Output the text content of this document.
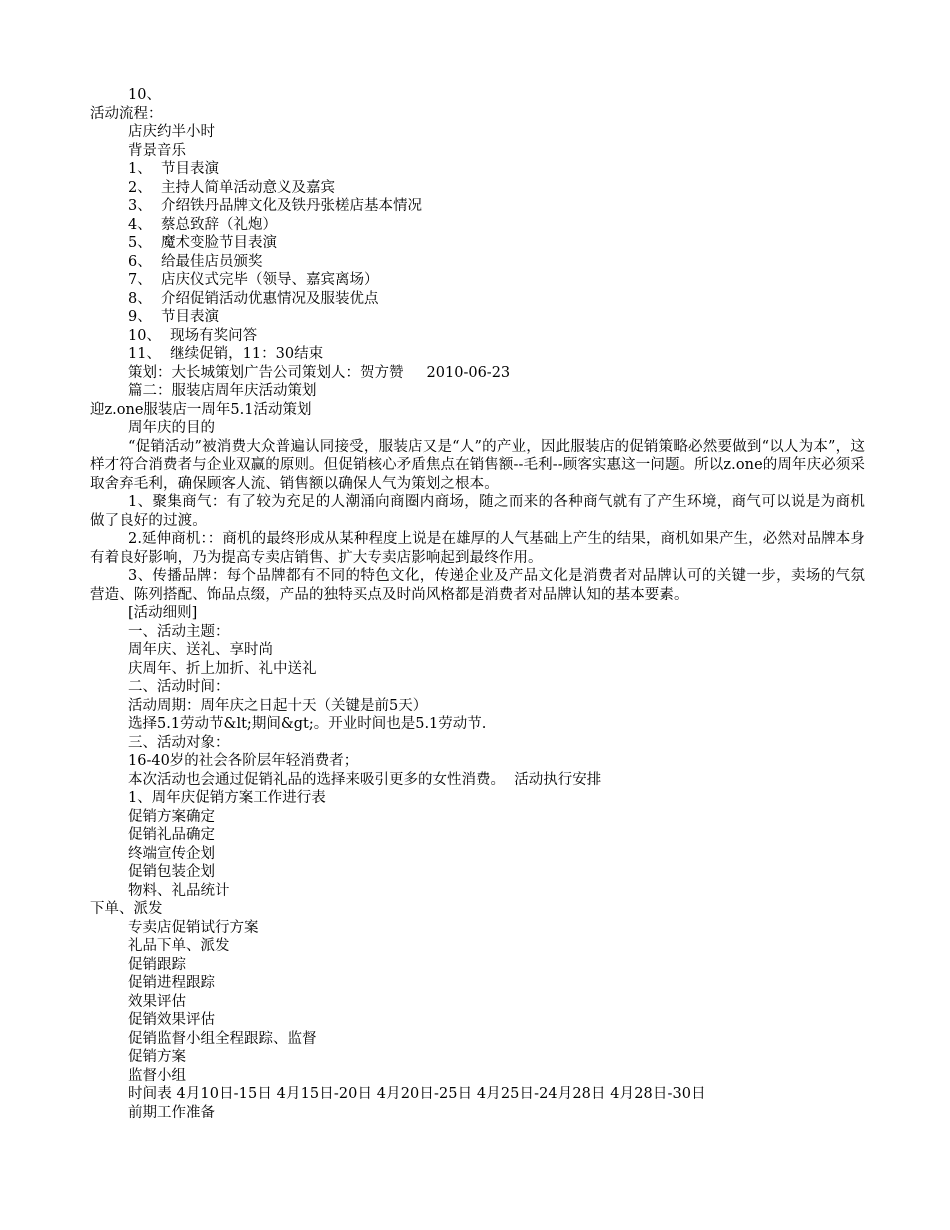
10、

活动流程：

店庆约半小时

背景音乐

1、  节目表演

2、  主持人简单活动意义及嘉宾

3、  介绍铁丹品牌文化及铁丹张槎店基本情况

4、  蔡总致辞（礼炮）

5、  魔术变脸节目表演

6、  给最佳店员颁奖

7、  店庆仪式完毕（领导、嘉宾离场）

8、  介绍促销活动优惠情况及服装优点

9、  节目表演

10、  现场有奖问答

11、  继续促销，11：30结束

策划：大长城策划广告公司策划人：贺方赞     2010-06-23

篇二：服装店周年庆活动策划

迎z.one服装店一周年5.1活动策划

周年庆的目的

“促销活动”被消费大众普遍认同接受，服装店又是“人”的产业，因此服装店的促销策略必然要做到“以人为本”，这样才符合消费者与企业双赢的原则。但促销核心矛盾焦点在销售额--毛利--顾客实惠这一问题。所以z.one的周年庆必须采取舍弃毛利，确保顾客人流、销售额以确保人气为策划之根本。

1、聚集商气：有了较为充足的人潮涌向商圈内商场，随之而来的各种商气就有了产生环境，商气可以说是为商机做了良好的过渡。

2.延伸商机：：商机的最终形成从某种程度上说是在雄厚的人气基础上产生的结果，商机如果产生，必然对品牌本身有着良好影响，乃为提高专卖店销售、扩大专卖店影响起到最终作用。

3、传播品牌：每个品牌都有不同的特色文化，传递企业及产品文化是消费者对品牌认可的关键一步，卖场的气氛营造、陈列搭配、饰品点缀，产品的独特买点及时尚风格都是消费者对品牌认知的基本要素。

[活动细则]

一、活动主题：

周年庆、送礼、享时尚

庆周年、折上加折、礼中送礼

二、活动时间：

活动周期：周年庆之日起十天（关键是前5天）

选择5.1劳动节&lt;期间&gt;。开业时间也是5.1劳动节.

三、活动对象：

16-40岁的社会各阶层年轻消费者；

本次活动也会通过促销礼品的选择来吸引更多的女性消费。  活动执行安排

1、周年庆促销方案工作进行表

促销方案确定

促销礼品确定

终端宣传企划

促销包装企划

物料、礼品统计

下单、派发

专卖店促销试行方案

礼品下单、派发

促销跟踪

促销进程跟踪

效果评估

促销效果评估

促销监督小组全程跟踪、监督

促销方案

监督小组

时间表 4月10日-15日 4月15日-20日 4月20日-25日 4月25日-24月28日 4月28日-30日

前期工作准备
